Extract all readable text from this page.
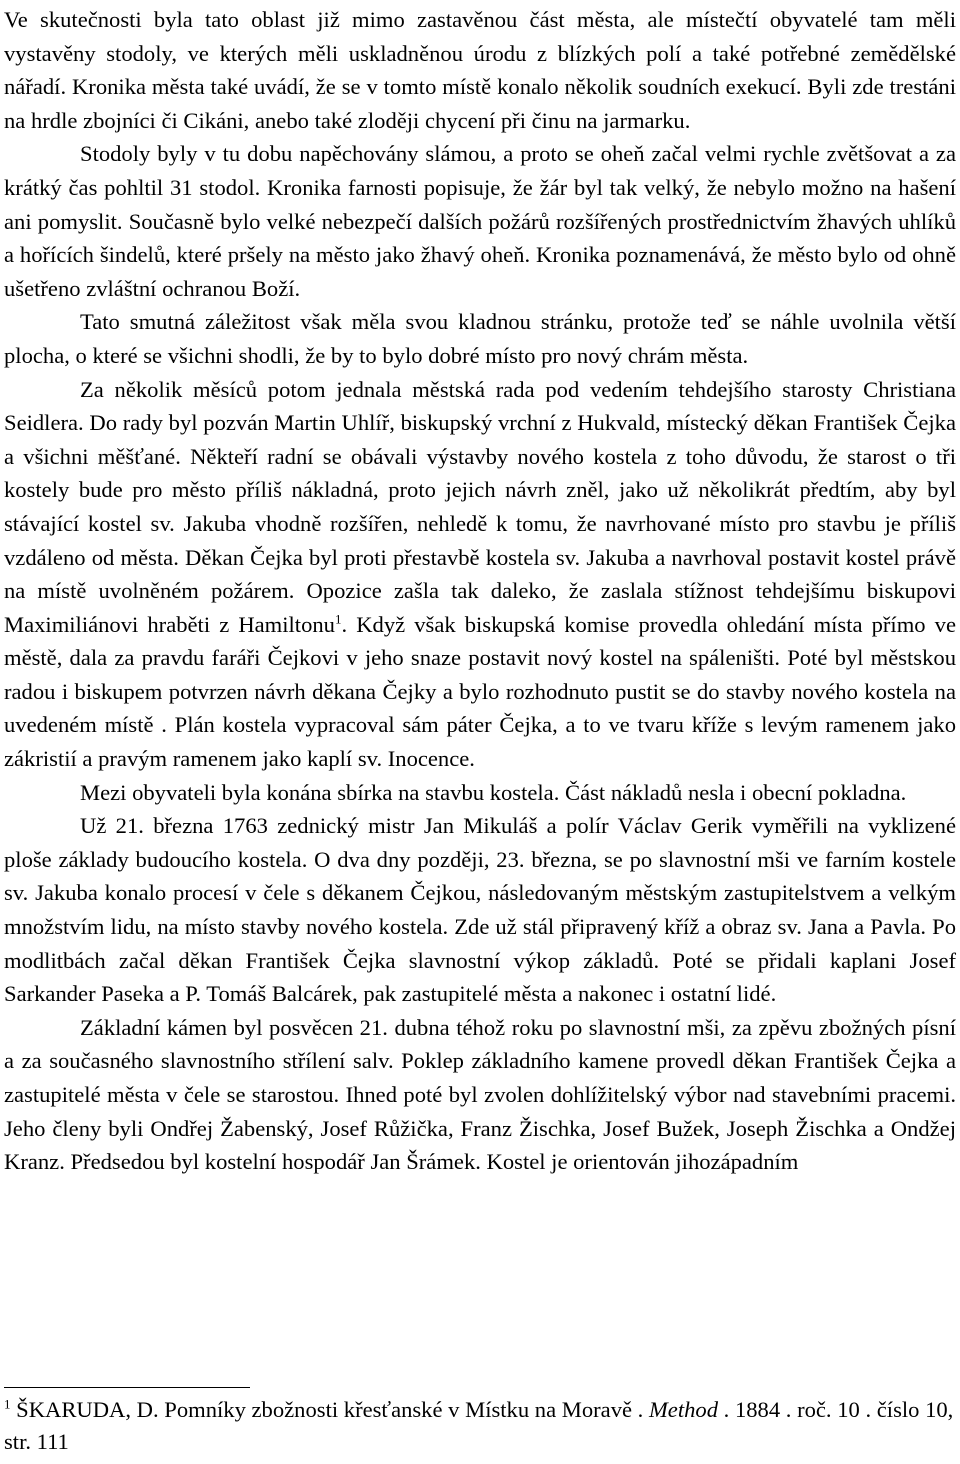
Ve skutečnosti byla tato oblast již mimo zastavěnou část města, ale místečtí obyvatelé tam měli vystavěny stodoly, ve kterých měli uskladněnou úrodu z blízkých polí a také potřebné zemědělské nářadí. Kronika města také uvádí, že se v tomto místě konalo několik soudních exekucí. Byli zde trestáni na hrdle zbojníci či Cikáni, anebo také zloději chycení při činu na jarmarku.

Stodoly byly v tu dobu napěchovány slámou, a proto se oheň začal velmi rychle zvětšovat a za krátký čas pohltil 31 stodol. Kronika farnosti popisuje, že žár byl tak velký, že nebylo možno na hašení ani pomyslit. Současně bylo velké nebezpečí dalších požárů rozšířených prostřednictvím žhavých uhlíků a hořících šindelů, které pršely na město jako žhavý oheň. Kronika poznamenává, že město bylo od ohně ušetřeno zvláštní ochranou Boží.

Tato smutná záležitost však měla svou kladnou stránku, protože teď se náhle uvolnila větší plocha, o které se všichni shodli, že by to bylo dobré místo pro nový chrám města.

Za několik měsíců potom jednala městská rada pod vedením tehdejšího starosty Christiana Seidlera. Do rady byl pozván Martin Uhlíř, biskupský vrchní z Hukvald, místecký děkan František Čejka a všichni měšťané. Někteří radní se obávali výstavby nového kostela z toho důvodu, že starost o tři kostely bude pro město příliš nákladná, proto jejich návrh zněl, jako už několikrát předtím, aby byl stávající kostel sv. Jakuba vhodně rozšířen, nehledě k tomu, že navrhované místo pro stavbu je příliš vzdáleno od města. Děkan Čejka byl proti přestavbě kostela sv. Jakuba a navrhoval postavit kostel právě na místě uvolněném požárem. Opozice zašla tak daleko, že zaslala stížnost tehdejšímu biskupovi Maximiliánovi hraběti z Hamiltonu$^1$. Když však biskupská komise provedla ohledání místa přímo ve městě, dala za pravdu faráři Čejkovi v jeho snaze postavit nový kostel na spáleništi. Poté byl městskou radou i biskupem potvrzen návrh děkana Čejky a bylo rozhodnuto pustit se do stavby nového kostela na uvedeném místě . Plán kostela vypracoval sám páter Čejka, a to ve tvaru kříže s levým ramenem jako zákristií a pravým ramenem jako kaplí sv. Inocence.

Mezi obyvateli byla konána sbírka na stavbu kostela. Část nákladů nesla i obecní pokladna.

Už 21. března 1763 zednický mistr Jan Mikuláš a polír Václav Gerik vyměřili na vyklizené ploše základy budoucího kostela. O dva dny později, 23. března, se po slavnostní mši ve farním kostele sv. Jakuba konalo procesí v čele s děkanem Čejkou, následovaným městským zastupitelstvem a velkým množstvím lidu, na místo stavby nového kostela. Zde už stál připravený kříž a obraz sv. Jana a Pavla. Po modlitbách začal děkan František Čejka slavnostní výkop základů. Poté se přidali kaplani Josef Sarkander Paseka a P. Tomáš Balcárek, pak zastupitelé města a nakonec i ostatní lidé.

Základní kámen byl posvěcen 21. dubna téhož roku po slavnostní mši, za zpěvu zbožných písní a za současného slavnostního střílení salv. Poklep základního kamene provedl děkan František Čejka a zastupitelé města v čele se starostou. Ihned poté byl zvolen dohlížitelský výbor nad stavebními pracemi. Jeho členy byli Ondřej Žabenský, Josef Růžička, Franz Žischka, Josef Bužek, Joseph Žischka a Ondžej Kranz. Předsedou byl kostelní hospodář Jan Šrámek. Kostel je orientován jihozápadním

$^1$ ŠKARUDA, D. Pomníky zbožnosti křesťanské v Místku na Moravě . Method . 1884 . roč. 10 . číslo 10, str. 111
